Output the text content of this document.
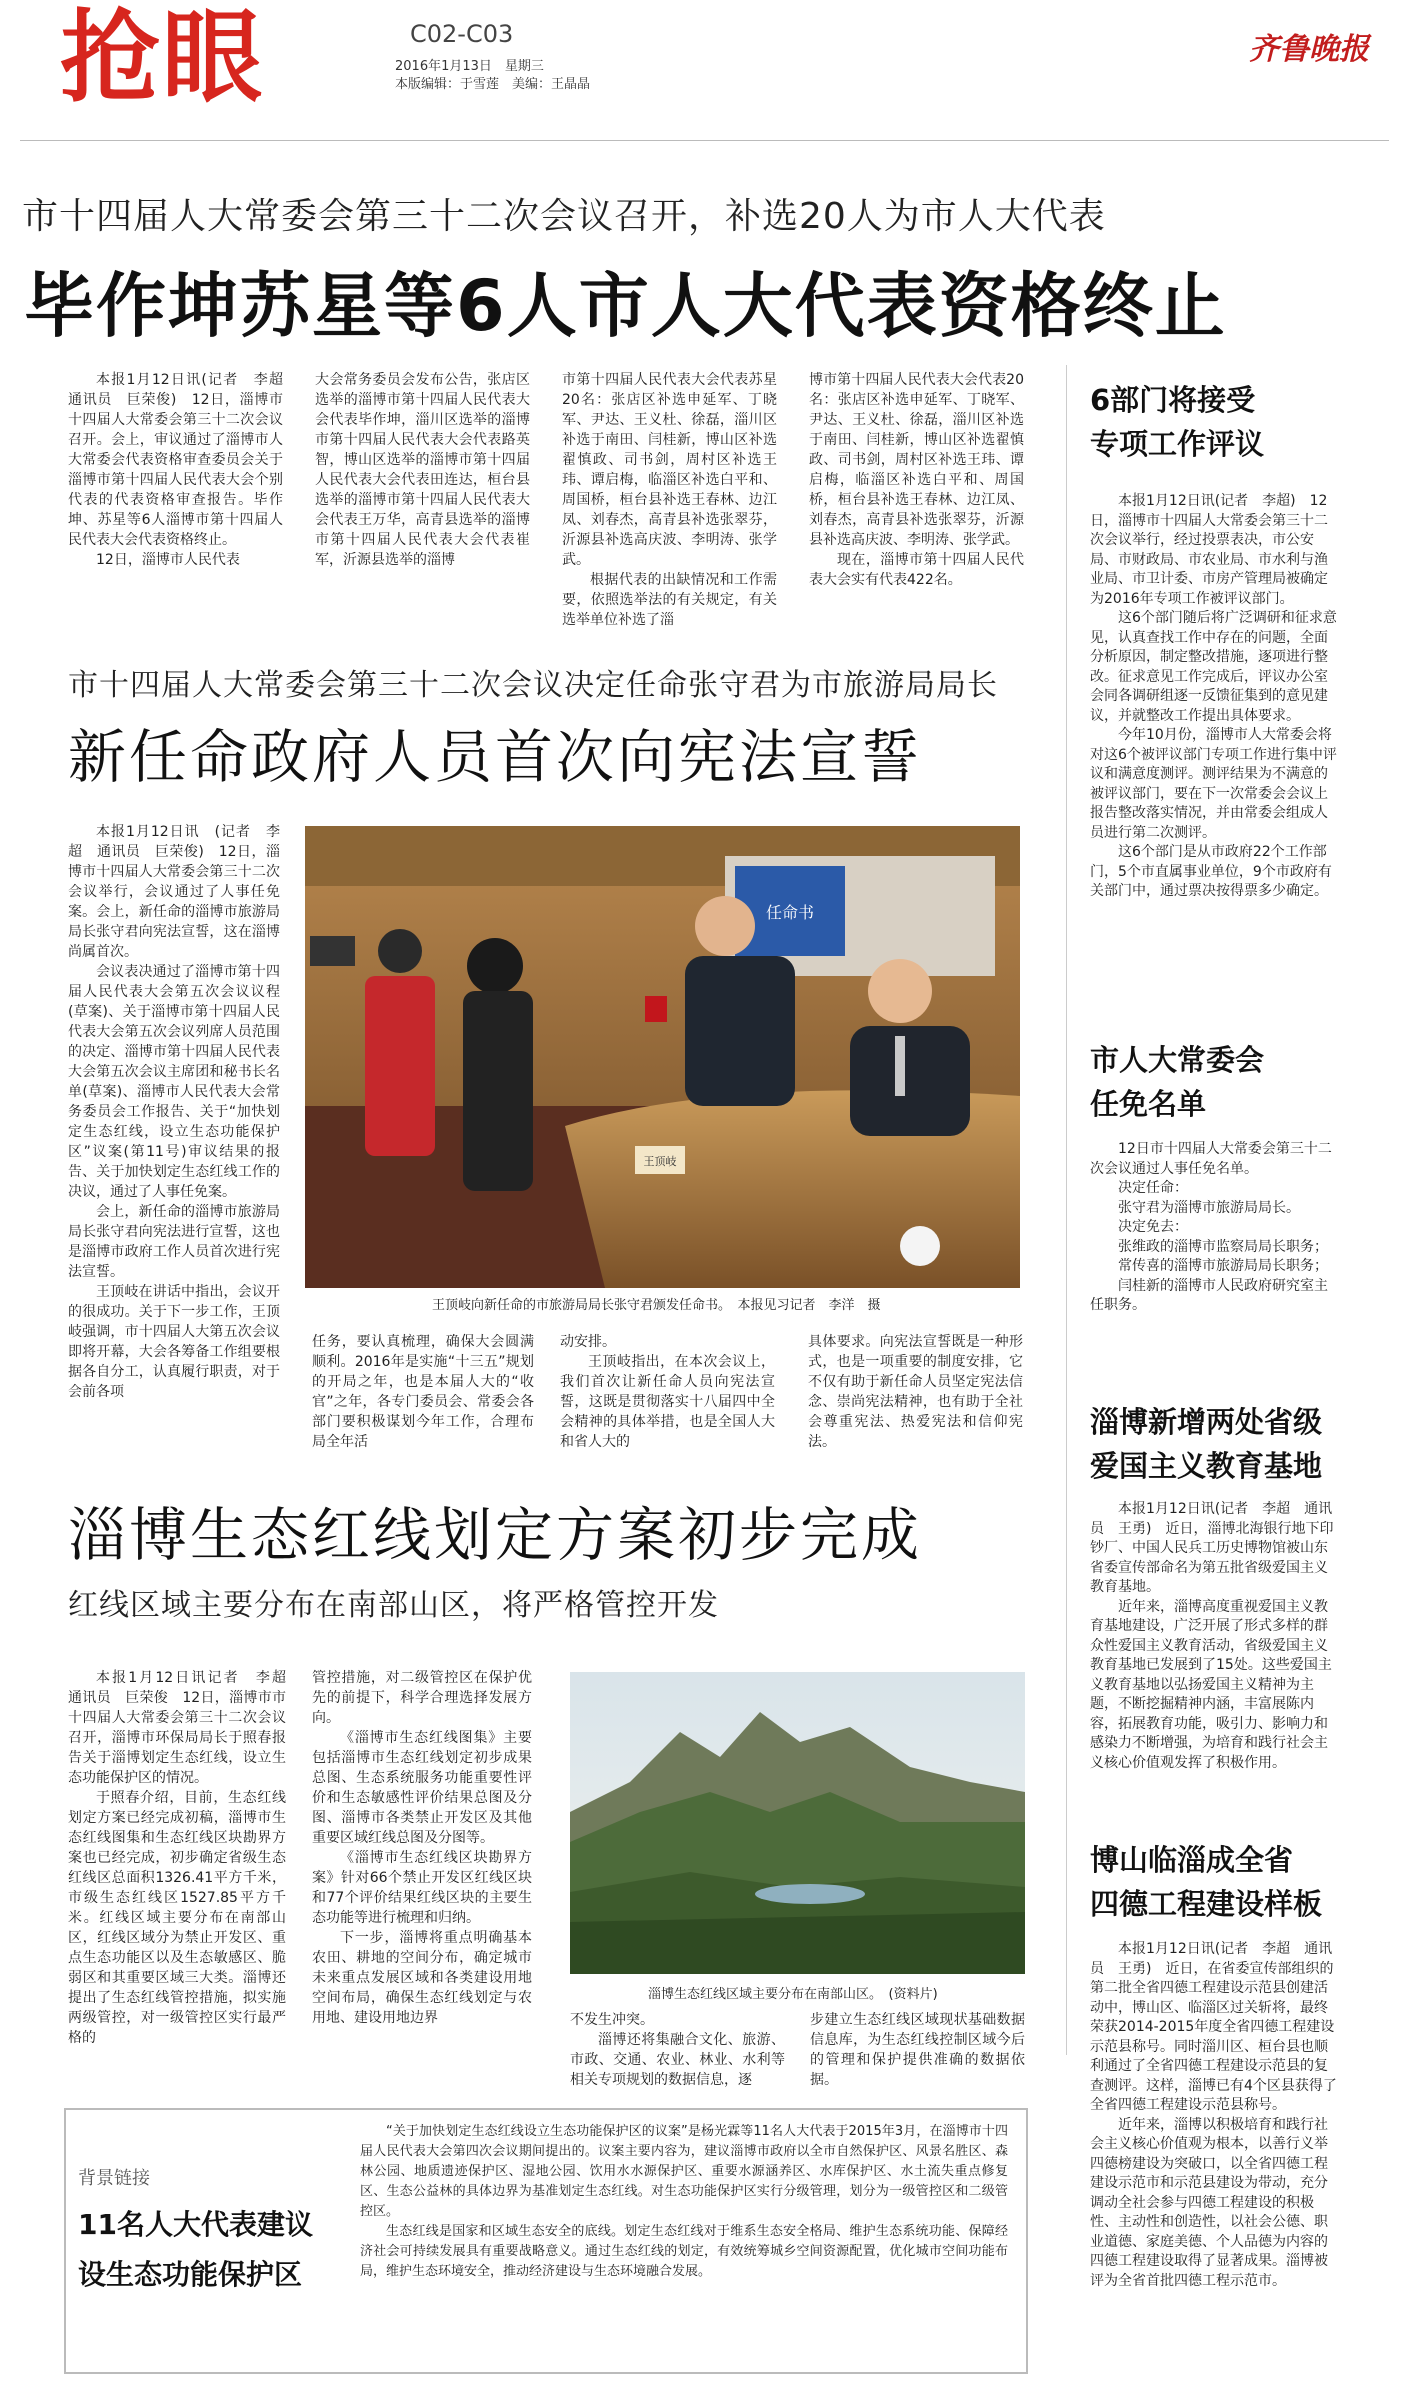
抢眼	C02-C03
2016年1月13日　星期三
本版编辑：于雪莲　美编：王晶晶
齐鲁晚报
市十四届人大常委会第三十二次会议召开，补选20人为市人大代表
毕作坤苏星等6人市人大代表资格终止

本报1月12日讯(记者　李超　通讯员　巨荣俊)　12日，淄博市十四届人大常委会第三十二次会议召开。会上，审议通过了淄博市人大常委会代表资格审查委员会关于淄博市第十四届人民代表大会个别代表的代表资格审查报告。毕作坤、苏星等6人淄博市第十四届人民代表大会代表资格终止。

12日，淄博市人民代表

大会常务委员会发布公告，张店区选举的淄博市第十四届人民代表大会代表毕作坤，淄川区选举的淄博市第十四届人民代表大会代表路英智，博山区选举的淄博市第十四届人民代表大会代表田连达，桓台县选举的淄博市第十四届人民代表大会代表王万华，高青县选举的淄博市第十四届人民代表大会代表崔军，沂源县选举的淄博

市第十四届人民代表大会代表苏星20名：张店区补选申延军、丁晓军、尹达、王义杜、徐磊，淄川区补选于南田、闫桂新，博山区补选翟慎政、司书剑，周村区补选王玮、谭启梅，临淄区补选白平和、周国桥，桓台县补选王春林、边江凤、刘春杰，高青县补选张翠芬，沂源县补选高庆波、李明涛、张学武。

根据代表的出缺情况和工作需要，依照选举法的有关规定，有关选举单位补选了淄

博市第十四届人民代表大会代表20名：张店区补选申延军、丁晓军、尹达、王义杜、徐磊，淄川区补选于南田、闫桂新，博山区补选翟慎政、司书剑，周村区补选王玮、谭启梅，临淄区补选白平和、周国桥，桓台县补选王春林、边江凤、刘春杰，高青县补选张翠芬，沂源县补选高庆波、李明涛、张学武。

现在，淄博市第十四届人民代表大会实有代表422名。

6部门将接受
专项工作评议

本报1月12日讯(记者　李超)　12日，淄博市十四届人大常委会第三十二次会议举行，经过投票表决，市公安局、市财政局、市农业局、市水利与渔业局、市卫计委、市房产管理局被确定为2016年专项工作被评议部门。

这6个部门随后将广泛调研和征求意见，认真查找工作中存在的问题，全面分析原因，制定整改措施，逐项进行整改。征求意见工作完成后，评议办公室会同各调研组逐一反馈征集到的意见建议，并就整改工作提出具体要求。

今年10月份，淄博市人大常委会将对这6个被评议部门专项工作进行集中评议和满意度测评。测评结果为不满意的被评议部门，要在下一次常委会会议上报告整改落实情况，并由常委会组成人员进行第二次测评。

这6个部门是从市政府22个工作部门，5个市直属事业单位，9个市政府有关部门中，通过票决按得票多少确定。

市人大常委会
任免名单

12日市十四届人大常委会第三十二次会议通过人事任免名单。

决定任命：

张守君为淄博市旅游局局长。

决定免去：

张维政的淄博市监察局局长职务；

常传喜的淄博市旅游局局长职务；

闫桂新的淄博市人民政府研究室主任职务。

淄博新增两处省级
爱国主义教育基地

本报1月12日讯(记者　李超　通讯员　王勇)　近日，淄博北海银行地下印钞厂、中国人民兵工历史博物馆被山东省委宣传部命名为第五批省级爱国主义教育基地。

近年来，淄博高度重视爱国主义教育基地建设，广泛开展了形式多样的群众性爱国主义教育活动，省级爱国主义教育基地已发展到了15处。这些爱国主义教育基地以弘扬爱国主义精神为主题，不断挖掘精神内涵，丰富展陈内容，拓展教育功能，吸引力、影响力和感染力不断增强，为培育和践行社会主义核心价值观发挥了积极作用。

博山临淄成全省
四德工程建设样板

本报1月12日讯(记者　李超　通讯员　王勇)　近日，在省委宣传部组织的第二批全省四德工程建设示范县创建活动中，博山区、临淄区过关斩将，最终荣获2014-2015年度全省四德工程建设示范县称号。同时淄川区、桓台县也顺利通过了全省四德工程建设示范县的复查测评。这样，淄博已有4个区县获得了全省四德工程建设示范县称号。

近年来，淄博以积极培育和践行社会主义核心价值观为根本，以善行义举四德榜建设为突破口，以全省四德工程建设示范市和示范县建设为带动，充分调动全社会参与四德工程建设的积极性、主动性和创造性，以社会公德、职业道德、家庭美德、个人品德为内容的四德工程建设取得了显著成果。淄博被评为全省首批四德工程示范市。

市十四届人大常委会第三十二次会议决定任命张守君为市旅游局局长
新任命政府人员首次向宪法宣誓

本报1月12日讯　(记者　李超　通讯员　巨荣俊)　12日，淄博市十四届人大常委会第三十二次会议举行，会议通过了人事任免案。会上，新任命的淄博市旅游局局长张守君向宪法宣誓，这在淄博尚属首次。

会议表决通过了淄博市第十四届人民代表大会第五次会议议程(草案)、关于淄博市第十四届人民代表大会第五次会议列席人员范围的决定、淄博市第十四届人民代表大会第五次会议主席团和秘书长名单(草案)、淄博市人民代表大会常务委员会工作报告、关于“加快划定生态红线，设立生态功能保护区”议案(第11号)审议结果的报告、关于加快划定生态红线工作的决议，通过了人事任免案。

会上，新任命的淄博市旅游局局长张守君向宪法进行宣誓，这也是淄博市政府工作人员首次进行宪法宣誓。

王顶岐在讲话中指出，会议开的很成功。关于下一步工作，王顶岐强调，市十四届人大第五次会议即将开幕，大会各筹备工作组要根据各自分工，认真履行职责，对于会前各项

任命书
王顶岐
王顶岐向新任命的市旅游局局长张守君颁发任命书。　本报见习记者　李洋　摄

任务，要认真梳理，确保大会圆满顺利。2016年是实施“十三五”规划的开局之年，也是本届人大的“收官”之年，各专门委员会、常委会各部门要积极谋划今年工作，合理布局全年活

动安排。

王顶岐指出，在本次会议上，我们首次让新任命人员向宪法宣誓，这既是贯彻落实十八届四中全会精神的具体举措，也是全国人大和省人大的

具体要求。向宪法宣誓既是一种形式，也是一项重要的制度安排，它不仅有助于新任命人员坚定宪法信念、崇尚宪法精神，也有助于全社会尊重宪法、热爱宪法和信仰宪法。

淄博生态红线划定方案初步完成
红线区域主要分布在南部山区，将严格管控开发

本报1月12日讯记者　李超　通讯员　巨荣俊　12日，淄博市市十四届人大常委会第三十二次会议召开，淄博市环保局局长于照春报告关于淄博划定生态红线，设立生态功能保护区的情况。

于照春介绍，目前，生态红线划定方案已经完成初稿，淄博市生态红线图集和生态红线区块勘界方案也已经完成，初步确定省级生态红线区总面积1326.41平方千米，市级生态红线区1527.85平方千米。红线区域主要分布在南部山区，红线区域分为禁止开发区、重点生态功能区以及生态敏感区、脆弱区和其重要区域三大类。淄博还提出了生态红线管控措施，拟实施两级管控，对一级管控区实行最严格的

管控措施，对二级管控区在保护优先的前提下，科学合理选择发展方向。

《淄博市生态红线图集》主要包括淄博市生态红线划定初步成果总图、生态系统服务功能重要性评价和生态敏感性评价结果总图及分图、淄博市各类禁止开发区及其他重要区域红线总图及分图等。

《淄博市生态红线区块勘界方案》针对66个禁止开发区红线区块和77个评价结果红线区块的主要生态功能等进行梳理和归纳。

下一步，淄博将重点明确基本农田、耕地的空间分布，确定城市未来重点发展区域和各类建设用地空间布局，确保生态红线划定与农用地、建设用地边界

淄博生态红线区域主要分布在南部山区。　(资料片)

不发生冲突。

淄博还将集融合文化、旅游、市政、交通、农业、林业、水利等相关专项规划的数据信息，逐

步建立生态红线区域现状基础数据信息库，为生态红线控制区域今后的管理和保护提供准确的数据依据。

背景链接
11名人大代表建议
设生态功能保护区

“关于加快划定生态红线设立生态功能保护区的议案”是杨光霖等11名人大代表于2015年3月，在淄博市十四届人民代表大会第四次会议期间提出的。议案主要内容为，建议淄博市政府以全市自然保护区、风景名胜区、森林公园、地质遗迹保护区、湿地公园、饮用水水源保护区、重要水源涵养区、水库保护区、水土流失重点修复区、生态公益林的具体边界为基准划定生态红线。对生态功能保护区实行分级管理，划分为一级管控区和二级管控区。

生态红线是国家和区域生态安全的底线。划定生态红线对于维系生态安全格局、维护生态系统功能、保障经济社会可持续发展具有重要战略意义。通过生态红线的划定，有效统筹城乡空间资源配置，优化城市空间功能布局，维护生态环境安全，推动经济建设与生态环境融合发展。
